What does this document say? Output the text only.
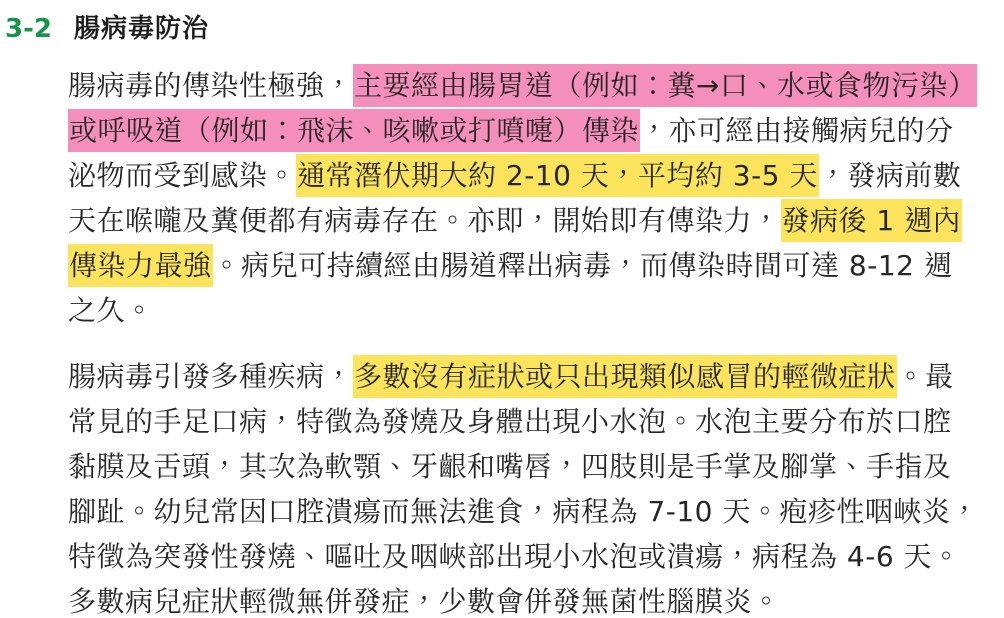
3-2 腸病毒防治
腸病毒的傳染性極強，主要經由腸胃道（例如：糞→口、水或食物污染）
或呼吸道（例如：飛沫、咳嗽或打噴嚏）傳染，亦可經由接觸病兒的分
泌物而受到感染。通常潛伏期大約 2-10 天，平均約 3-5 天，發病前數
天在喉嚨及糞便都有病毒存在。亦即，開始即有傳染力，發病後 1 週內
傳染力最強。病兒可持續經由腸道釋出病毒，而傳染時間可達 8-12 週
之久。
腸病毒引發多種疾病，多數沒有症狀或只出現類似感冒的輕微症狀。最
常見的手足口病，特徵為發燒及身體出現小水泡。水泡主要分布於口腔
黏膜及舌頭，其次為軟顎、牙齦和嘴唇，四肢則是手掌及腳掌、手指及
腳趾。幼兒常因口腔潰瘍而無法進食，病程為 7-10 天。疱疹性咽峽炎，
特徵為突發性發燒、嘔吐及咽峽部出現小水泡或潰瘍，病程為 4-6 天。
多數病兒症狀輕微無併發症，少數會併發無菌性腦膜炎。
